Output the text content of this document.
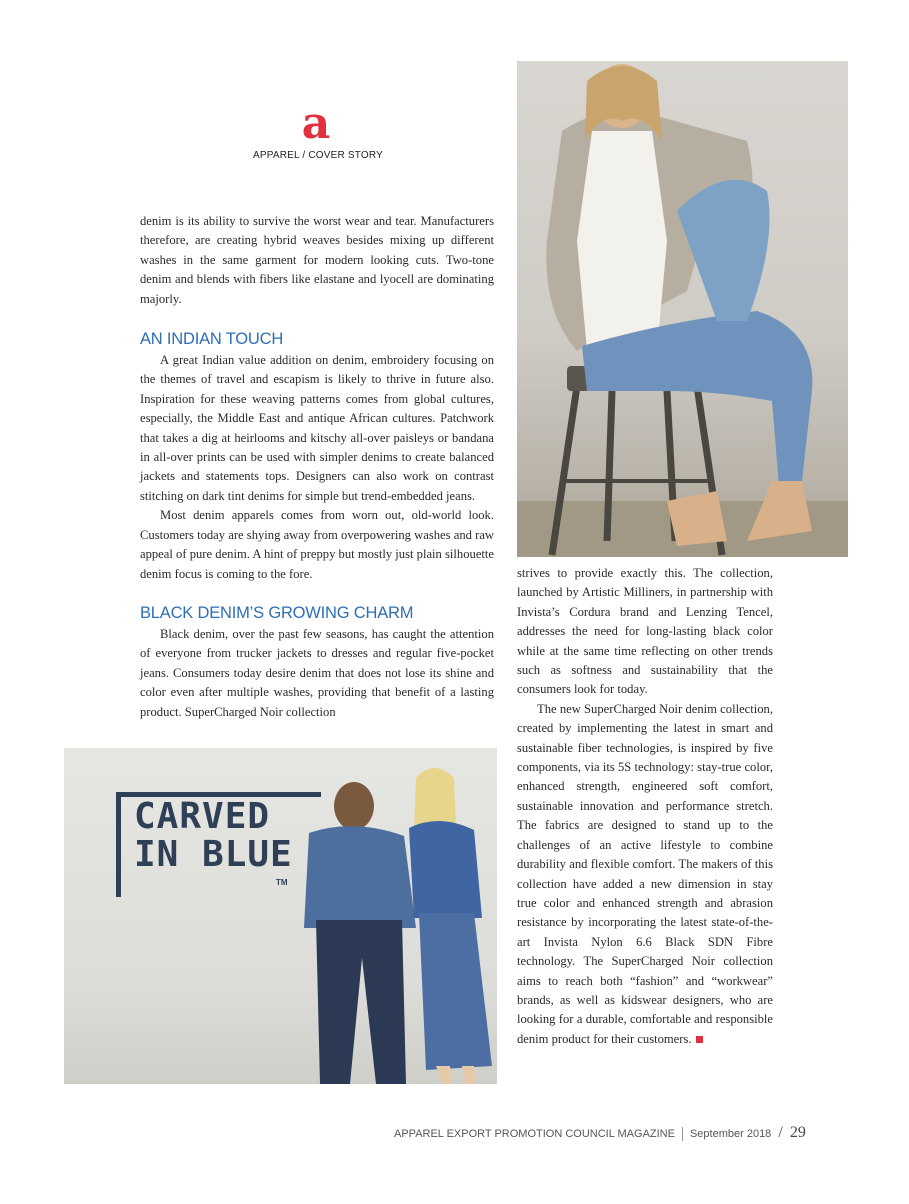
a
APPAREL / COVER STORY

denim is its ability to survive the worst wear and tear. Manufacturers therefore, are creating hybrid weaves besides mixing up different washes in the same garment for modern looking cuts. Two-tone denim and blends with fibers like elastane and lyocell are dominating majorly.

AN INDIAN TOUCH

A great Indian value addition on denim, embroidery focusing on the themes of travel and escapism is likely to thrive in future also. Inspiration for these weaving patterns comes from global cultures, especially, the Middle East and antique African cultures. Patchwork that takes a dig at heirlooms and kitschy all-over paisleys or bandana in all-over prints can be used with simpler denims to create balanced jackets and statements tops. Designers can also work on contrast stitching on dark tint denims for simple but trend-embedded jeans.

Most denim apparels comes from worn out, old-world look. Customers today are shying away from overpowering washes and raw appeal of pure denim. A hint of preppy but mostly just plain silhouette denim focus is coming to the fore.

BLACK DENIM’S GROWING CHARM

Black denim, over the past few seasons, has caught the attention of everyone from trucker jackets to dresses and regular five-pocket jeans. Consumers today desire denim that does not lose its shine and color even after multiple washes, providing that benefit of a lasting product. SuperCharged Noir collection

strives to provide exactly this. The collection, launched by Artistic Milliners, in partnership with Invista’s Cordura brand and Lenzing Tencel, addresses the need for long-lasting black color while at the same time reflecting on other trends such as softness and sustainability that the consumers look for today.

The new SuperCharged Noir denim collection, created by implementing the latest in smart and sustainable fiber technologies, is inspired by five components, via its 5S technology: stay-true color, enhanced strength, engineered soft comfort, sustainable innovation and performance stretch. The fabrics are designed to stand up to the challenges of an active lifestyle to combine durability and flexible comfort. The makers of this collection have added a new dimension in stay true color and enhanced strength and abrasion resistance by incorporating the latest state-of-the-art Invista Nylon 6.6 Black SDN Fibre technology. The SuperCharged Noir collection aims to reach both “fashion” and “workwear” brands, as well as kidswear designers, who are looking for a durable, comfortable and responsible denim product for their customers.

CARVED
IN BLUE
TM
APPAREL EXPORT PROMOTION COUNCIL MAGAZINE September 2018 / 29
